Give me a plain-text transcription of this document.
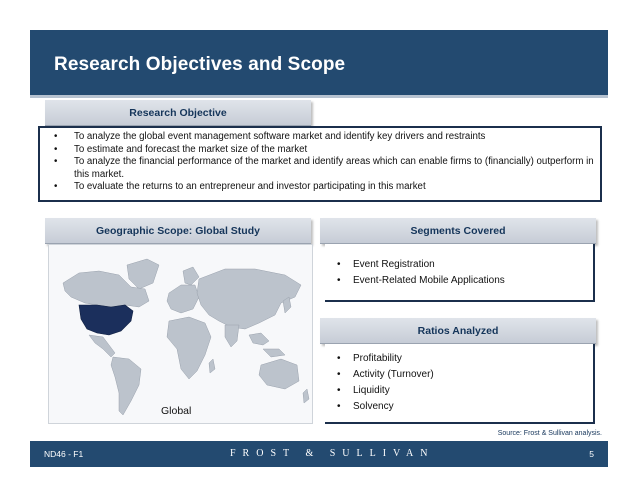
Research Objectives and Scope
Research Objective
• To analyze the global event management software market and identify key drivers and restraints
• To estimate and forecast the market size of the market
• To analyze the financial performance of the market and identify areas which can enable firms to (financially) outperform in this market.
• To evaluate the returns to an entrepreneur and investor participating in this market
Geographic Scope: Global Study
Global
Segments Covered
• Event Registration
• Event-Related Mobile Applications
Ratios Analyzed
• Profitability
• Activity (Turnover)
• Liquidity
• Solvency
Source: Frost & Sullivan analysis.
ND46 - F1	FROST & SULLIVAN	5
